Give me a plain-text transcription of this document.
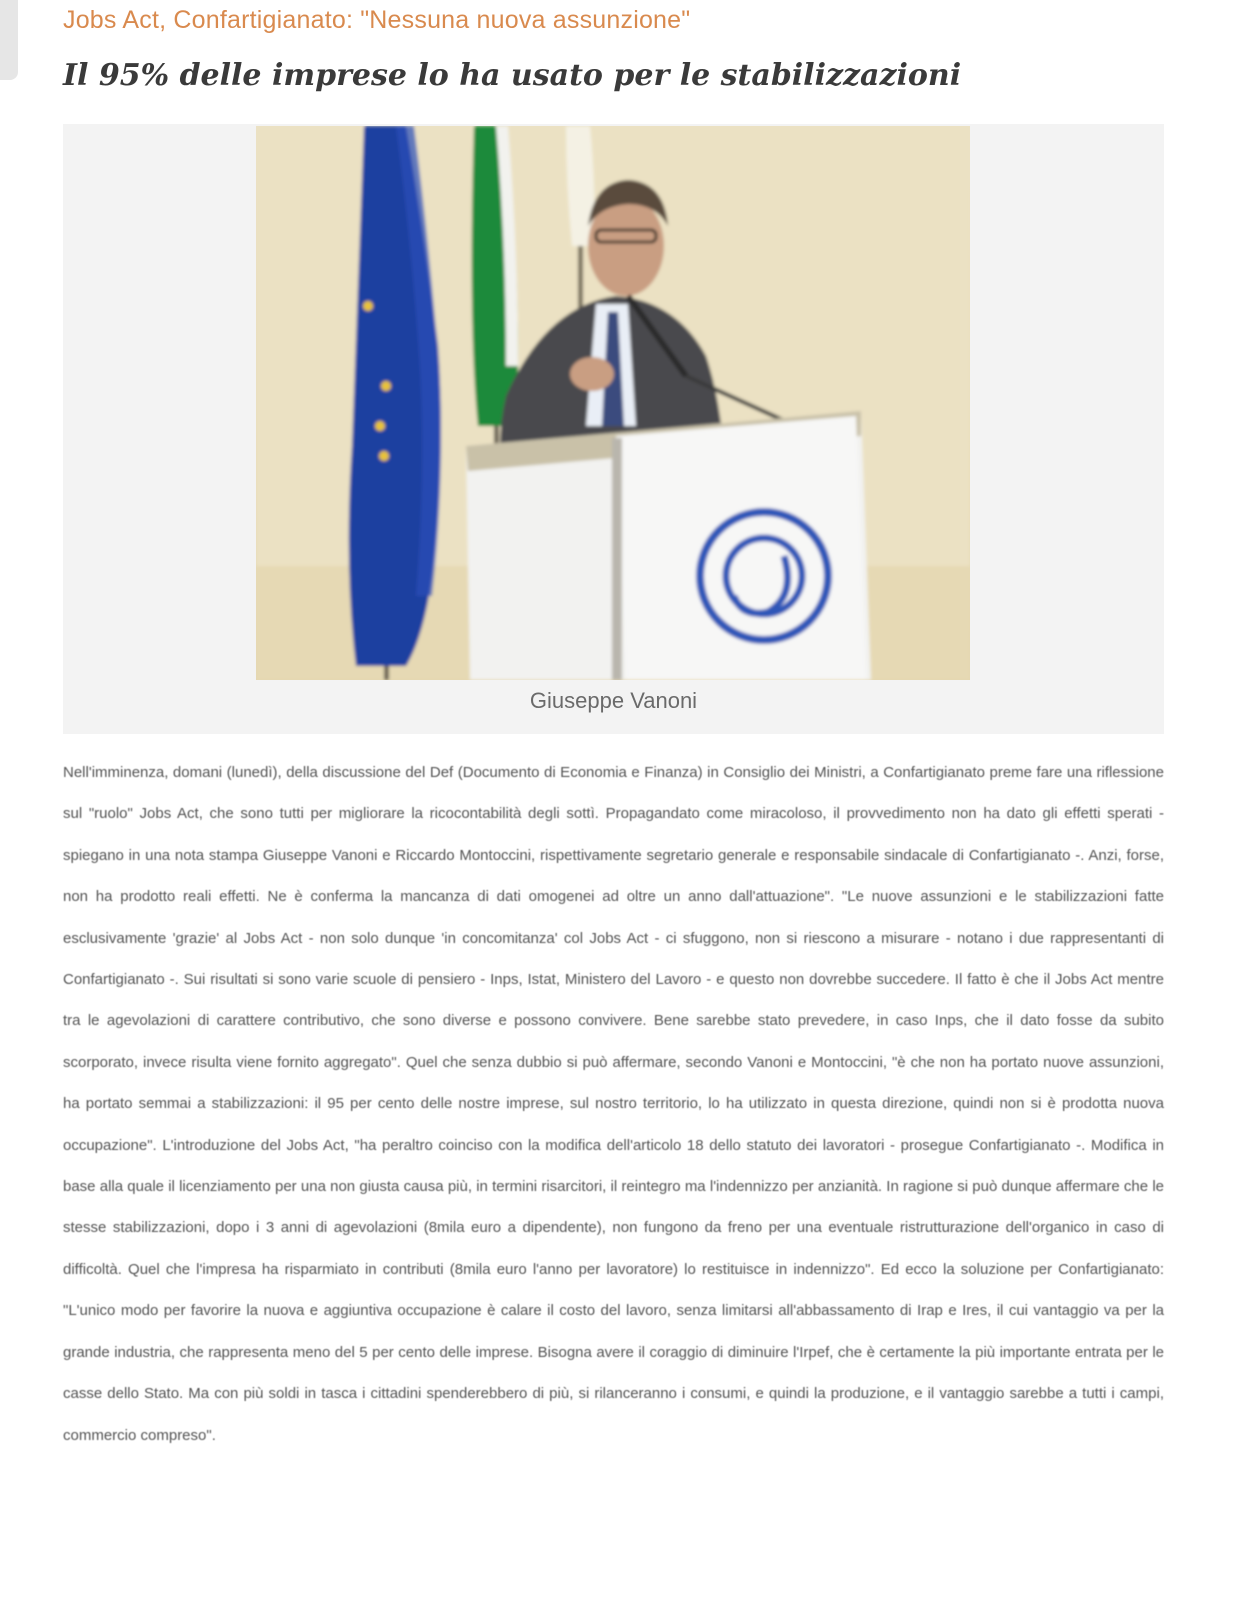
Jobs Act, Confartigianato: "Nessuna nuova assunzione"
Il 95% delle imprese lo ha usato per le stabilizzazioni
Giuseppe Vanoni
Nell'imminenza, domani (lunedì), della discussione del Def (Documento di Economia e Finanza) in Consiglio dei Ministri, a Confartigianato preme fare una riflessione sul "ruolo" Jobs Act, che sono tutti per migliorare la ricocontabilità degli sottì. Propagandato come miracoloso, il provvedimento non ha dato gli effetti sperati - spiegano in una nota stampa Giuseppe Vanoni e Riccardo Montoccini, rispettivamente segretario generale e responsabile sindacale di Confartigianato -. Anzi, forse, non ha prodotto reali effetti. Ne è conferma la mancanza di dati omogenei ad oltre un anno dall'attuazione". "Le nuove assunzioni e le stabilizzazioni fatte esclusivamente 'grazie' al Jobs Act - non solo dunque 'in concomitanza' col Jobs Act - ci sfuggono, non si riescono a misurare - notano i due rappresentanti di Confartigianato -. Sui risultati si sono varie scuole di pensiero - Inps, Istat, Ministero del Lavoro - e questo non dovrebbe succedere. Il fatto è che il Jobs Act mentre tra le agevolazioni di carattere contributivo, che sono diverse e possono convivere. Bene sarebbe stato prevedere, in caso Inps, che il dato fosse da subito scorporato, invece risulta viene fornito aggregato". Quel che senza dubbio si può affermare, secondo Vanoni e Montoccini, "è che non ha portato nuove assunzioni, ha portato semmai a stabilizzazioni: il 95 per cento delle nostre imprese, sul nostro territorio, lo ha utilizzato in questa direzione, quindi non si è prodotta nuova occupazione". L'introduzione del Jobs Act, "ha peraltro coinciso con la modifica dell'articolo 18 dello statuto dei lavoratori - prosegue Confartigianato -. Modifica in base alla quale il licenziamento per una non giusta causa più, in termini risarcitori, il reintegro ma l'indennizzo per anzianità. In ragione si può dunque affermare che le stesse stabilizzazioni, dopo i 3 anni di agevolazioni (8mila euro a dipendente), non fungono da freno per una eventuale ristrutturazione dell'organico in caso di difficoltà. Quel che l'impresa ha risparmiato in contributi (8mila euro l'anno per lavoratore) lo restituisce in indennizzo". Ed ecco la soluzione per Confartigianato: "L'unico modo per favorire la nuova e aggiuntiva occupazione è calare il costo del lavoro, senza limitarsi all'abbassamento di Irap e Ires, il cui vantaggio va per la grande industria, che rappresenta meno del 5 per cento delle imprese. Bisogna avere il coraggio di diminuire l'Irpef, che è certamente la più importante entrata per le casse dello Stato. Ma con più soldi in tasca i cittadini spenderebbero di più, si rilanceranno i consumi, e quindi la produzione, e il vantaggio sarebbe a tutti i campi, commercio compreso".
